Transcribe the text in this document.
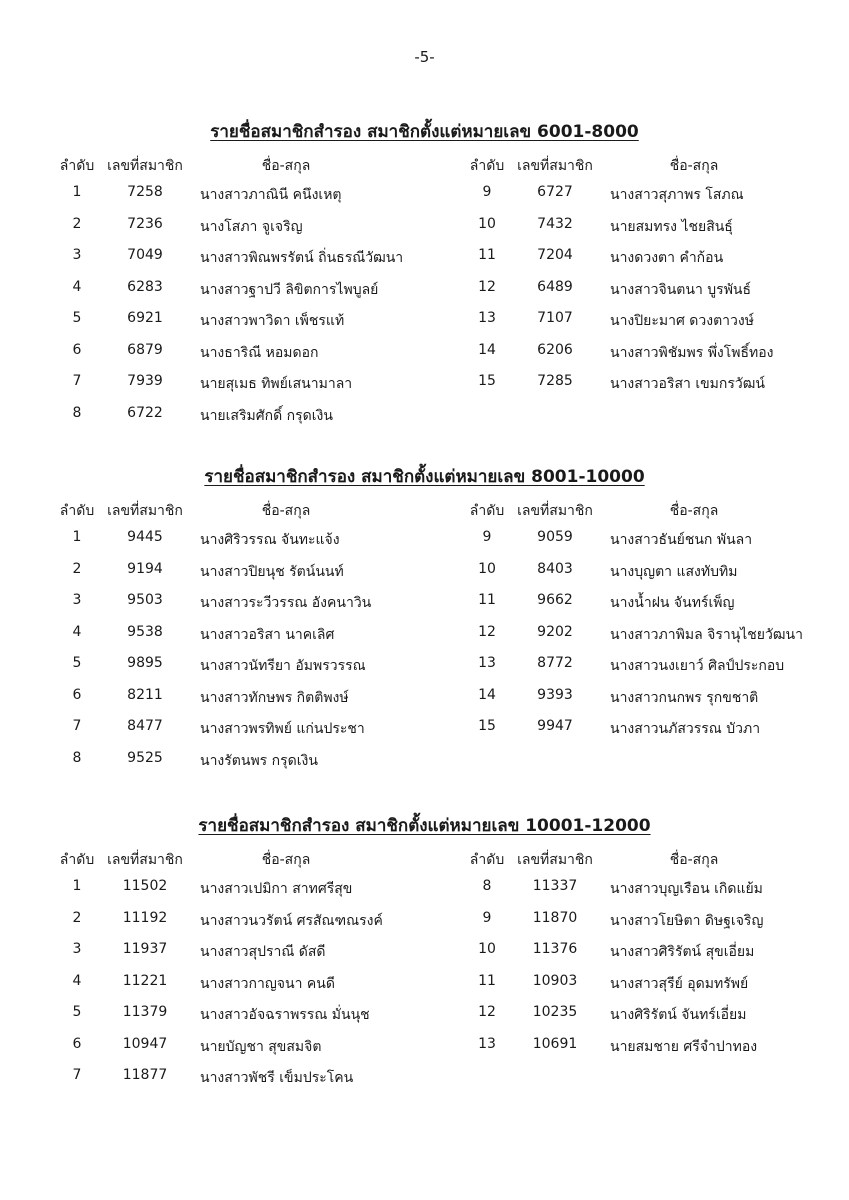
-5-
รายชื่อสมาชิกสำรอง สมาชิกตั้งแต่หมายเลข 6001-8000
ลำดับ เลขที่สมาชิก	ชื่อ-สกุล	ลำดับ เลขที่สมาชิก	ชื่อ-สกุล
1	7258	นางสาวภาณินี คนึงเหตุ	9	6727	นางสาวสุภาพร โสภณ
2	7236	นางโสภา จูเจริญ	10	7432	นายสมทรง ไชยสินธุ์
3	7049	นางสาวพิณพรรัตน์ ถิ่นธรณีวัฒนา	11	7204	นางดวงตา คำก้อน
4	6283	นางสาวฐาปวี ลิขิตการไพบูลย์	12	6489	นางสาวจินตนา บูรพันธ์
5	6921	นางสาวพาวิดา เพ็ชรแท้	13	7107	นางปิยะมาศ ดวงตาวงษ์
6	6879	นางธาริณี หอมดอก	14	6206	นางสาวพิชัมพร พึ่งโพธิ์ทอง
7	7939	นายสุเมธ ทิพย์เสนามาลา	15	7285	นางสาวอริสา เขมกรวัฒน์
8	6722	นายเสริมศักดิ์ กรุดเงิน
รายชื่อสมาชิกสำรอง สมาชิกตั้งแต่หมายเลข 8001-10000
ลำดับ เลขที่สมาชิก	ชื่อ-สกุล	ลำดับ เลขที่สมาชิก	ชื่อ-สกุล
1	9445	นางศิริวรรณ จันทะแจ้ง	9	9059	นางสาวธันย์ชนก พันลา
2	9194	นางสาวปิยนุช รัตน์นนท์	10	8403	นางบุญตา แสงทับทิม
3	9503	นางสาวระวีวรรณ อังคนาวิน	11	9662	นางน้ำฝน จันทร์เพ็ญ
4	9538	นางสาวอริสา นาคเลิศ	12	9202	นางสาวภาพิมล จิรานุไชยวัฒนา
5	9895	นางสาวนัทรียา อัมพรวรรณ	13	8772	นางสาวนงเยาว์ ศิลป์ประกอบ
6	8211	นางสาวทักษพร กิตติพงษ์	14	9393	นางสาวกนกพร รุกขชาติ
7	8477	นางสาวพรทิพย์ แก่นประชา	15	9947	นางสาวนภัสวรรณ บัวภา
8	9525	นางรัตนพร กรุดเงิน
รายชื่อสมาชิกสำรอง สมาชิกตั้งแต่หมายเลข 10001-12000
ลำดับ เลขที่สมาชิก	ชื่อ-สกุล	ลำดับ เลขที่สมาชิก	ชื่อ-สกุล
1	11502	นางสาวเปมิกา สาทศรีสุข	8	11337	นางสาวบุญเรือน เกิดแย้ม
2	11192	นางสาวนวรัตน์ ศรสัณฑณรงค์	9	11870	นางสาวโยษิตา ดิษฐเจริญ
3	11937	นางสาวสุปราณี ดัสดี	10	11376	นางสาวศิริรัตน์ สุขเอี่ยม
4	11221	นางสาวกาญจนา คนดี	11	10903	นางสาวสุรีย์ อุดมทรัพย์
5	11379	นางสาวอัจฉราพรรณ มั่นนุช	12	10235	นางศิริรัตน์ จันทร์เอี่ยม
6	10947	นายบัญชา สุขสมจิต	13	10691	นายสมชาย ศรีจำปาทอง
7	11877	นางสาวพัชรี เข็มประโคน
